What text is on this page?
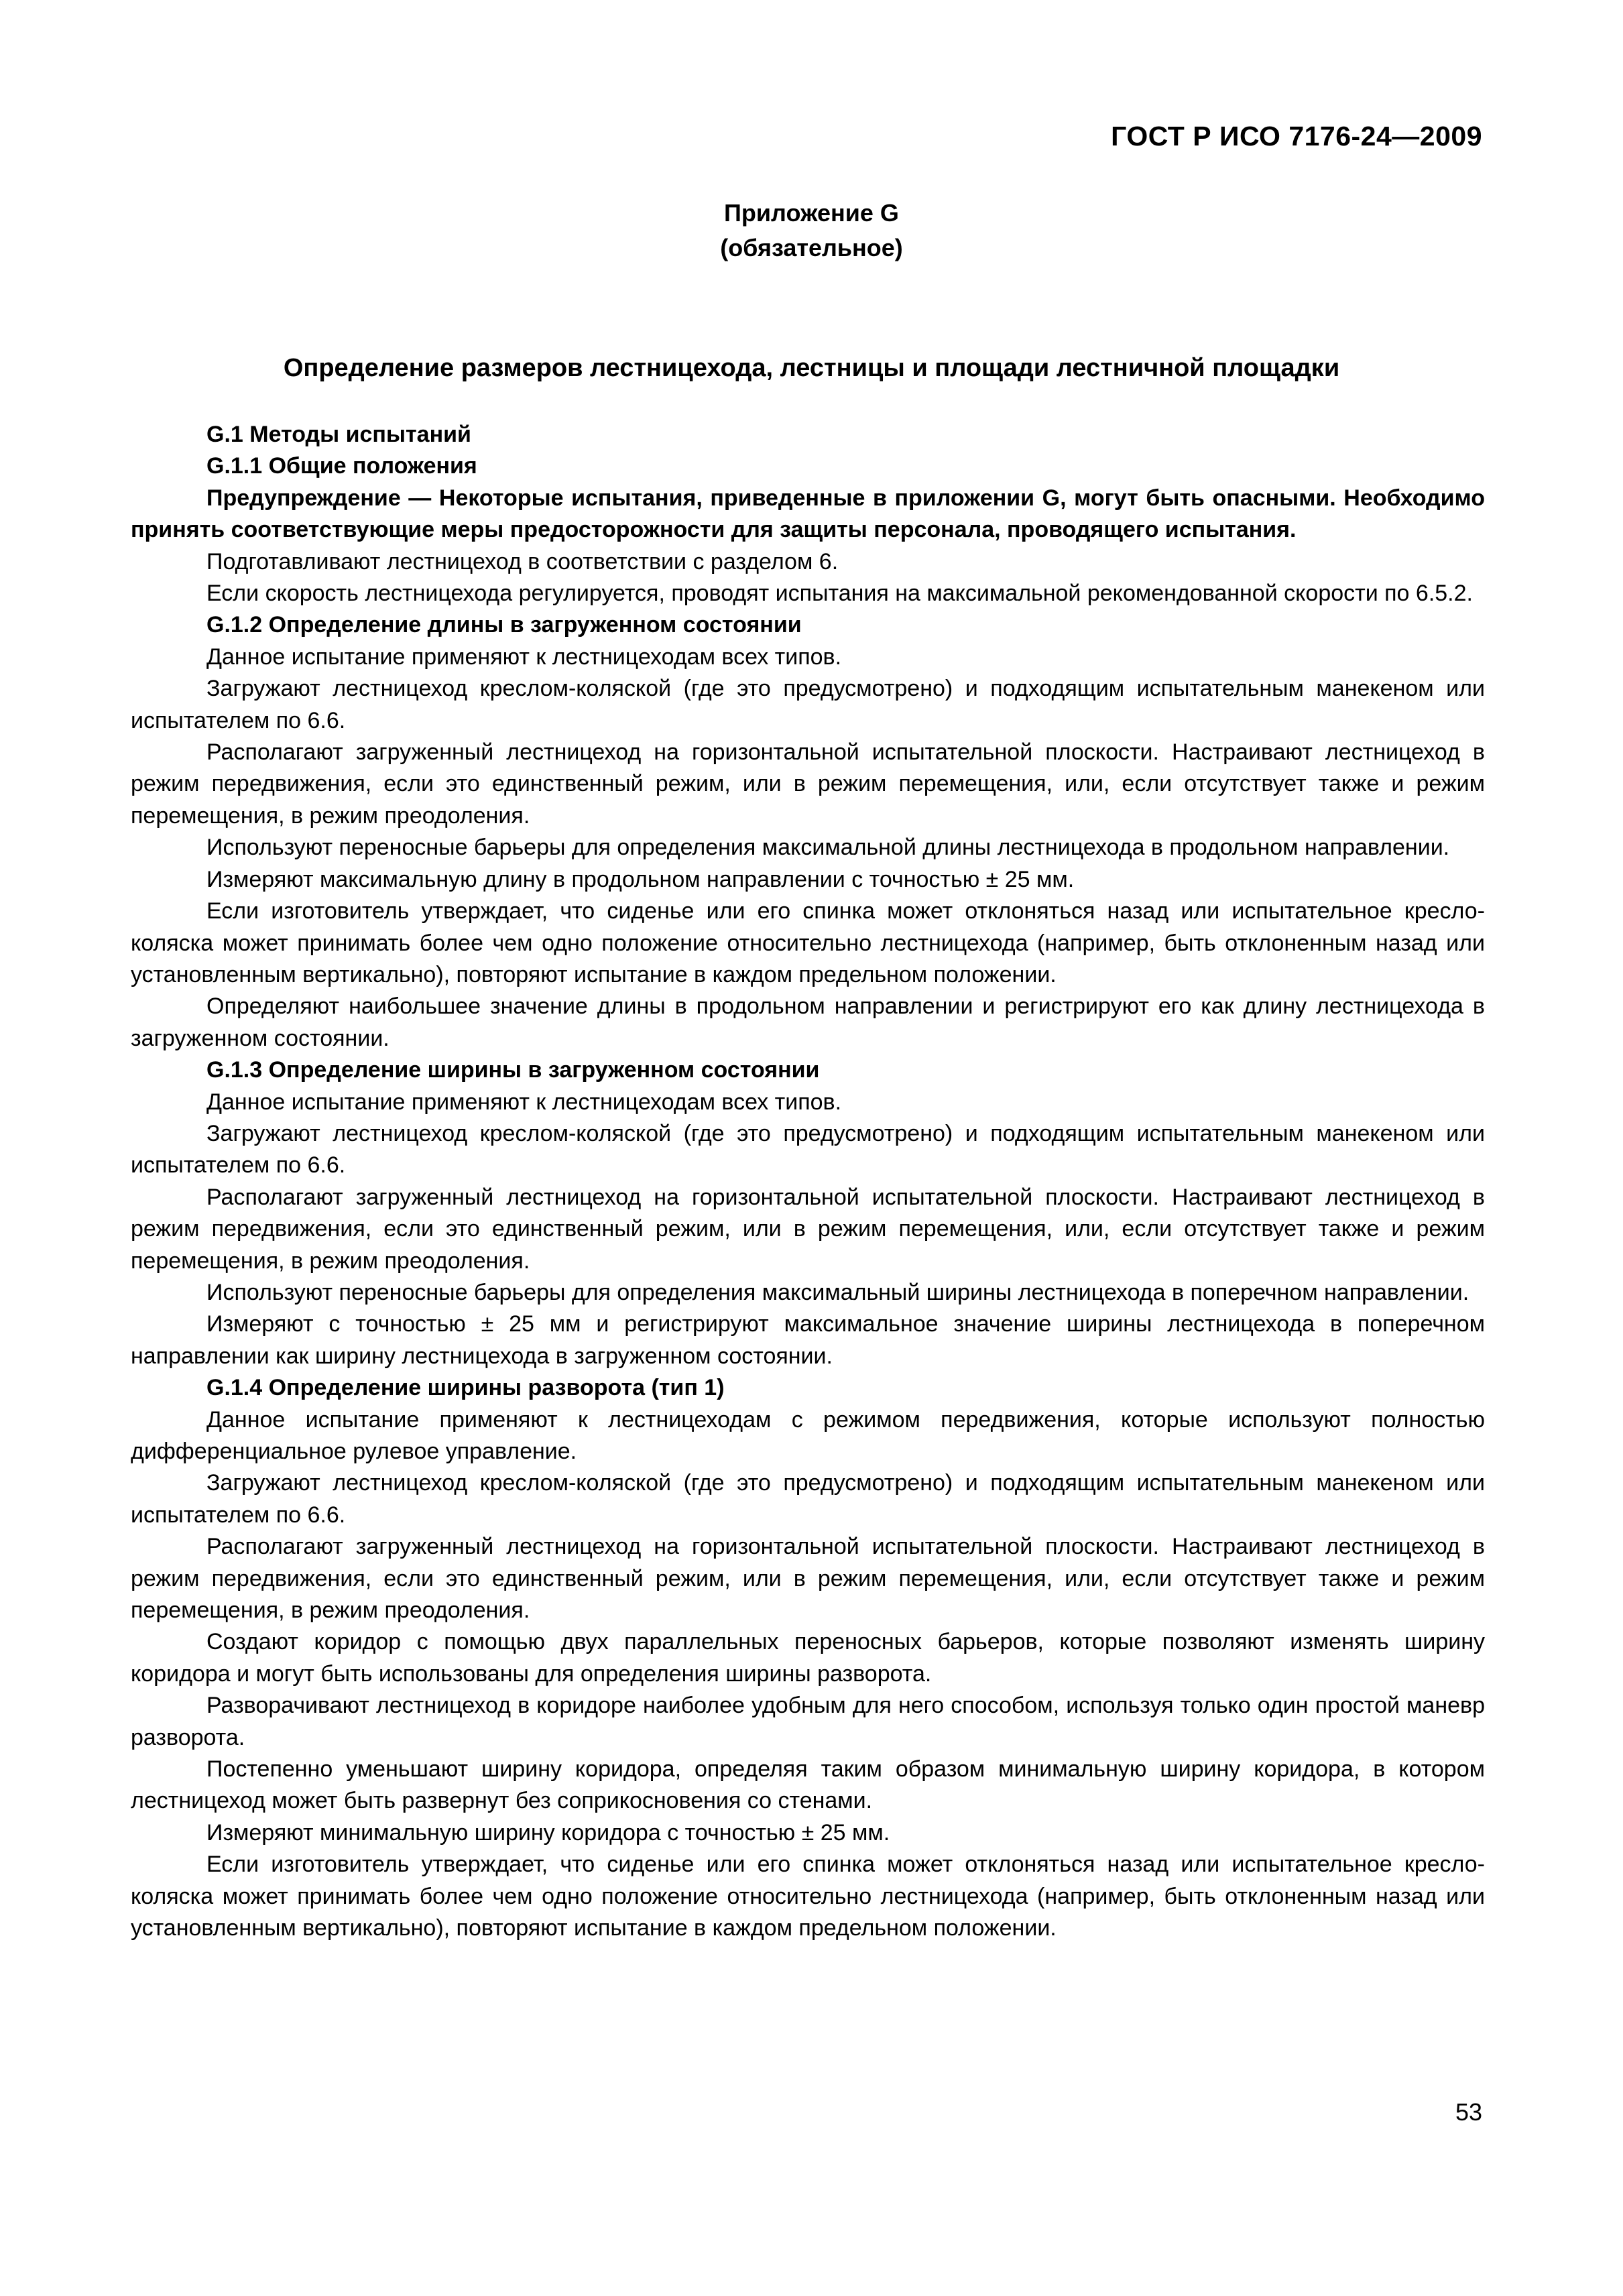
ГОСТ Р ИСО 7176-24—2009
Приложение G
(обязательное)
Определение размеров лестницехода, лестницы и площади лестничной площадки

G.1 Методы испытаний

G.1.1 Общие положения

Предупреждение — Некоторые испытания, приведенные в приложении G, могут быть опасными. Необходимо принять соответствующие меры предосторожности для защиты персонала, проводящего испытания.

Подготавливают лестницеход в соответствии с разделом 6.

Если скорость лестницехода регулируется, проводят испытания на максимальной рекомендованной скорости по 6.5.2.

G.1.2 Определение длины в загруженном состоянии

Данное испытание применяют к лестницеходам всех типов.

Загружают лестницеход креслом-коляской (где это предусмотрено) и подходящим испытательным манекеном или испытателем по 6.6.

Располагают загруженный лестницеход на горизонтальной испытательной плоскости. Настраивают лестницеход в режим передвижения, если это единственный режим, или в режим перемещения, или, если отсутствует также и режим перемещения, в режим преодоления.

Используют переносные барьеры для определения максимальной длины лестницехода в продольном направлении.

Измеряют максимальную длину в продольном направлении с точностью ± 25 мм.

Если изготовитель утверждает, что сиденье или его спинка может отклоняться назад или испытательное кресло-коляска может принимать более чем одно положение относительно лестницехода (например, быть отклоненным назад или установленным вертикально), повторяют испытание в каждом предельном положении.

Определяют наибольшее значение длины в продольном направлении и регистрируют его как длину лестницехода в загруженном состоянии.

G.1.3 Определение ширины в загруженном состоянии

Данное испытание применяют к лестницеходам всех типов.

Загружают лестницеход креслом-коляской (где это предусмотрено) и подходящим испытательным манекеном или испытателем по 6.6.

Располагают загруженный лестницеход на горизонтальной испытательной плоскости. Настраивают лестницеход в режим передвижения, если это единственный режим, или в режим перемещения, или, если отсутствует также и режим перемещения, в режим преодоления.

Используют переносные барьеры для определения максимальный ширины лестницехода в поперечном направлении.

Измеряют с точностью ± 25 мм и регистрируют максимальное значение ширины лестницехода в поперечном направлении как ширину лестницехода в загруженном состоянии.

G.1.4 Определение ширины разворота (тип 1)

Данное испытание применяют к лестницеходам с режимом передвижения, которые используют полностью дифференциальное рулевое управление.

Загружают лестницеход креслом-коляской (где это предусмотрено) и подходящим испытательным манекеном или испытателем по 6.6.

Располагают загруженный лестницеход на горизонтальной испытательной плоскости. Настраивают лестницеход в режим передвижения, если это единственный режим, или в режим перемещения, или, если отсутствует также и режим перемещения, в режим преодоления.

Создают коридор с помощью двух параллельных переносных барьеров, которые позволяют изменять ширину коридора и могут быть использованы для определения ширины разворота.

Разворачивают лестницеход в коридоре наиболее удобным для него способом, используя только один простой маневр разворота.

Постепенно уменьшают ширину коридора, определяя таким образом минимальную ширину коридора, в котором лестницеход может быть развернут без соприкосновения со стенами.

Измеряют минимальную ширину коридора с точностью ± 25 мм.

Если изготовитель утверждает, что сиденье или его спинка может отклоняться назад или испытательное кресло-коляска может принимать более чем одно положение относительно лестницехода (например, быть отклоненным назад или установленным вертикально), повторяют испытание в каждом предельном положении.

53
